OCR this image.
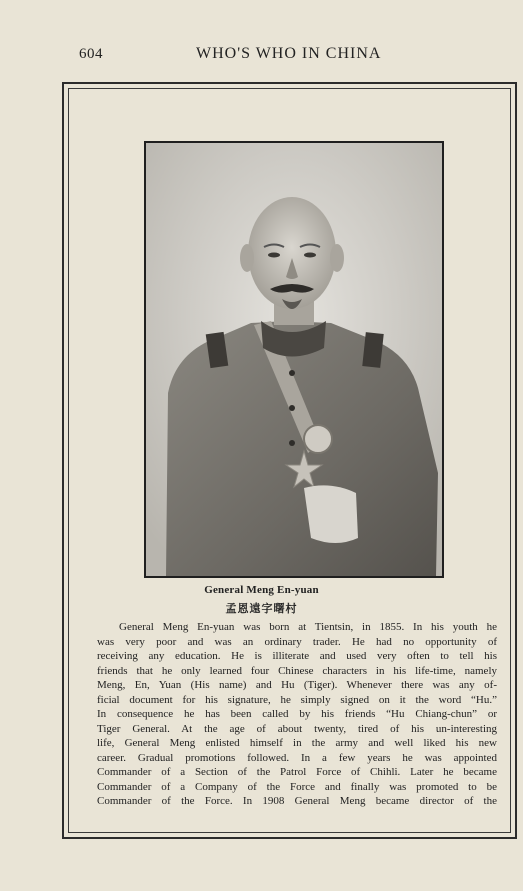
604	WHO'S WHO IN CHINA
General Meng En-yuan
孟恩遠字曙村
General Meng En-yuan was born at Tientsin, in 1855. In his youth he
was very poor and was an ordinary trader. He had no opportunity of
receiving any education. He is illiterate and used very often to tell his
friends that he only learned four Chinese characters in his life-time, namely
Meng, En, Yuan (His name) and Hu (Tiger). Whenever there was any of-
ficial document for his signature, he simply signed on it the word “Hu.”
In consequence he has been called by his friends “Hu Chiang-chun” or
Tiger General. At the age of about twenty, tired of his un-interesting
life, General Meng enlisted himself in the army and well liked his new
career. Gradual promotions followed. In a few years he was appointed
Commander of a Section of the Patrol Force of Chihli. Later he became
Commander of a Company of the Force and finally was promoted to be
Commander of the Force. In 1908 General Meng became director of the
